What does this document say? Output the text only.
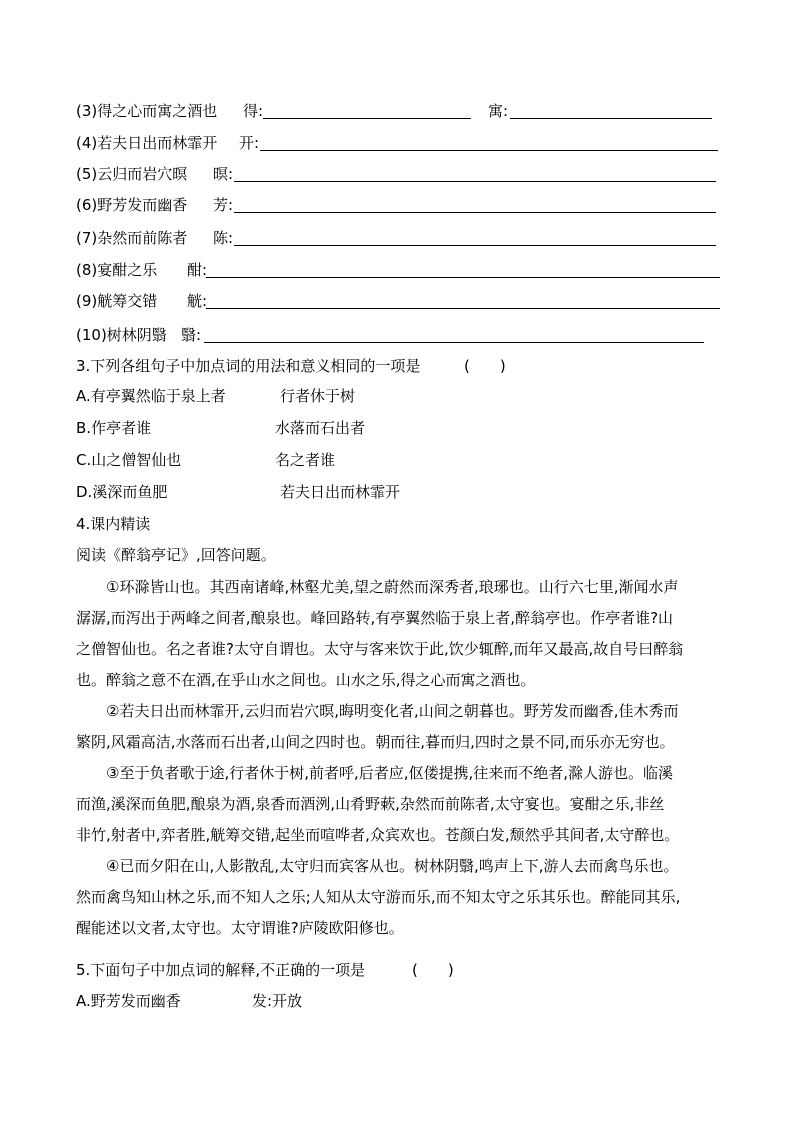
(3)得之心而寓之酒也 得:	寓:
(4)若夫日出而林霏开 开:
(5)云归而岩穴暝 暝:
(6)野芳发而幽香 芳:
(7)杂然而前陈者 陈:
(8)宴酣之乐 酣:
(9)觥筹交错 觥:
(10)树林阴翳 翳:
3.下列各组句子中加点词的用法和意义相同的一项是	(　　)
A.有亭翼然临于泉上者	行者休于树
B.作亭者谁	水落而石出者
C.山之僧智仙也	名之者谁
D.溪深而鱼肥	若夫日出而林霏开
4.课内精读
阅读《醉翁亭记》,回答问题。
①环滁皆山也。其西南诸峰,林壑尤美,望之蔚然而深秀者,琅琊也。山行六七里,渐闻水声
潺潺,而泻出于两峰之间者,酿泉也。峰回路转,有亭翼然临于泉上者,醉翁亭也。作亭者谁?山
之僧智仙也。名之者谁?太守自谓也。太守与客来饮于此,饮少辄醉,而年又最高,故自号曰醉翁
也。醉翁之意不在酒,在乎山水之间也。山水之乐,得之心而寓之酒也。
②若夫日出而林霏开,云归而岩穴暝,晦明变化者,山间之朝暮也。野芳发而幽香,佳木秀而
繁阴,风霜高洁,水落而石出者,山间之四时也。朝而往,暮而归,四时之景不同,而乐亦无穷也。
③至于负者歌于途,行者休于树,前者呼,后者应,伛偻提携,往来而不绝者,滁人游也。临溪
而渔,溪深而鱼肥,酿泉为酒,泉香而酒洌,山肴野蔌,杂然而前陈者,太守宴也。宴酣之乐,非丝
非竹,射者中,弈者胜,觥筹交错,起坐而喧哗者,众宾欢也。苍颜白发,颓然乎其间者,太守醉也。
④已而夕阳在山,人影散乱,太守归而宾客从也。树林阴翳,鸣声上下,游人去而禽鸟乐也。
然而禽鸟知山林之乐,而不知人之乐;人知从太守游而乐,而不知太守之乐其乐也。醉能同其乐,
醒能述以文者,太守也。太守谓谁?庐陵欧阳修也。
5.下面句子中加点词的解释,不正确的一项是	(　　)
A.野芳发而幽香	发:开放
